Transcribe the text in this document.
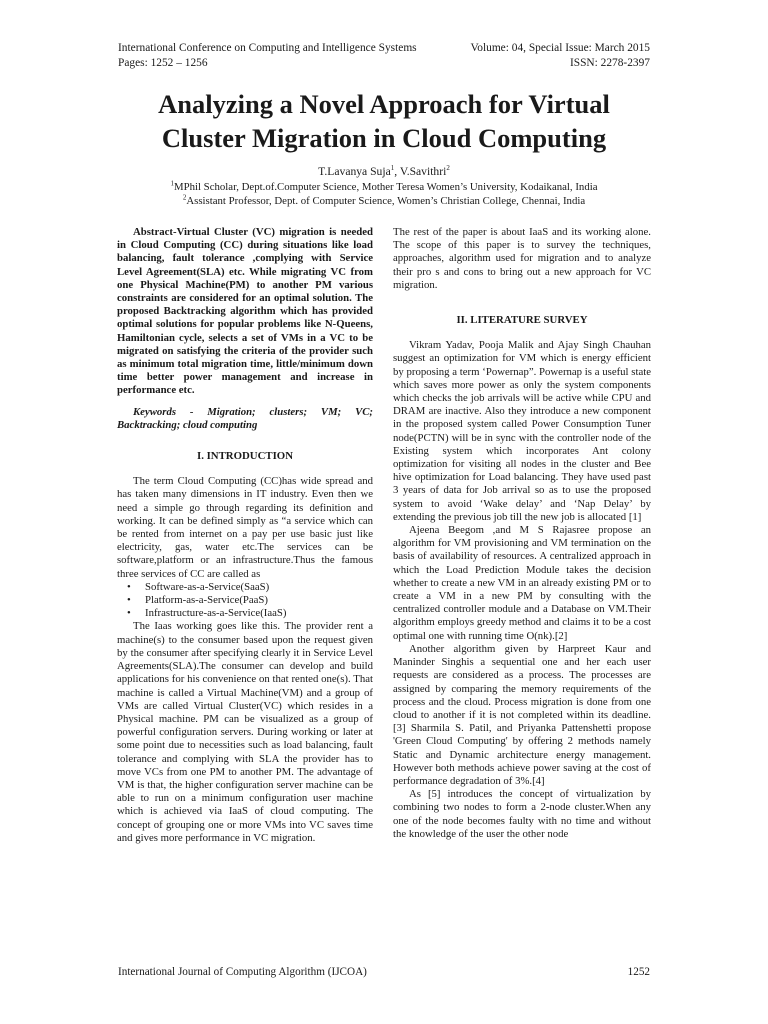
International Conference on Computing and Intelligence Systems
Pages: 1252 – 1256
Volume: 04, Special Issue: March 2015
ISSN: 2278-2397
Analyzing a Novel Approach for Virtual
Cluster Migration in Cloud Computing
T.Lavanya Suja$^1$, V.Savithri$^2$
$^1$MPhil Scholar, Dept.of.Computer Science, Mother Teresa Women’s University, Kodaikanal, India
$^2$Assistant Professor, Dept. of Computer Science, Women’s Christian College, Chennai, India

Abstract-Virtual Cluster (VC) migration is needed in Cloud Computing (CC) during situations like load balancing, fault tolerance ,complying with Service Level Agreement(SLA) etc. While migrating VC from one Physical Machine(PM) to another PM various constraints are considered for an optimal solution. The proposed Backtracking algorithm which has provided optimal solutions for popular problems like N-Queens, Hamiltonian cycle, selects a set of VMs in a VC to be migrated on satisfying the criteria of the provider such as minimum total migration time, little/minimum down time better power management and increase in performance etc.

Keywords - Migration; clusters; VM; VC; Backtracking; cloud computing

I. INTRODUCTION

The term Cloud Computing (CC)has wide spread and has taken many dimensions in IT industry. Even then we need a simple go through regarding its definition and working. It can be defined simply as “a service which can be rented from internet on a pay per use basic just like electricity, gas, water etc.The services can be software,platform or an infrastructure.Thus the famous three services of CC are called as

• Software-as-a-Service(SaaS)
• Platform-as-a-Service(PaaS)
• Infrastructure-as-a-Service(IaaS)

The Iaas working goes like this. The provider rent a machine(s) to the consumer based upon the request given by the consumer after specifying clearly it in Service Level Agreements(SLA).The consumer can develop and build applications for his convenience on that rented one(s). That machine is called a Virtual Machine(VM) and a group of VMs are called Virtual Cluster(VC) which resides in a Physical machine. PM can be visualized as a group of powerful configuration servers. During working or later at some point due to necessities such as load balancing, fault tolerance and complying with SLA the provider has to move VCs from one PM to another PM. The advantage of VM is that, the higher configuration server machine can be able to run on a minimum configuration user machine which is achieved via IaaS of cloud computing. The concept of grouping one or more VMs into VC saves time and gives more performance in VC migration.

The rest of the paper is about IaaS and its working alone. The scope of this paper is to survey the techniques, approaches, algorithm used for migration and to analyze their pro s and cons to bring out a new approach for VC migration.

II. LITERATURE SURVEY

Vikram Yadav, Pooja Malik and Ajay Singh Chauhan suggest an optimization for VM which is energy efficient by proposing a term ‘Powernap”. Powernap is a useful state which saves more power as only the system components which checks the job arrivals will be active while CPU and DRAM are inactive. Also they introduce a new component in the proposed system called Power Consumption Tuner node(PCTN) will be in sync with the controller node of the Existing system which incorporates Ant colony optimization for visiting all nodes in the cluster and Bee hive optimization for Load balancing. They have used past 3 years of data for Job arrival so as to use the proposed system to avoid ‘Wake delay’ and ‘Nap Delay’ by extending the previous job till the new job is allocated [1]

Ajeena Beegom ,and M S Rajasree propose an algorithm for VM provisioning and VM termination on the basis of availability of resources. A centralized approach in which the Load Prediction Module takes the decision whether to create a new VM in an already existing PM or to create a VM in a new PM by consulting with the centralized controller module and a Database on VM.Their algorithm employs greedy method and claims it to be a cost optimal one with running time O(nk).[2]

Another algorithm given by Harpreet Kaur and Maninder Singhis a sequential one and her each user requests are considered as a process. The processes are assigned by comparing the memory requirements of the process and the cloud. Process migration is done from one cloud to another if it is not completed within its deadline.[3] Sharmila S. Patil, and Priyanka Pattenshetti propose 'Green Cloud Computing' by offering 2 methods namely Static and Dynamic architecture energy management. However both methods achieve power saving at the cost of performance degradation of 3%.[4]

As [5] introduces the concept of virtualization by combining two nodes to form a 2-node cluster.When any one of the node becomes faulty with no time and without the knowledge of the user the other node

International Journal of Computing Algorithm (IJCOA)	1252
